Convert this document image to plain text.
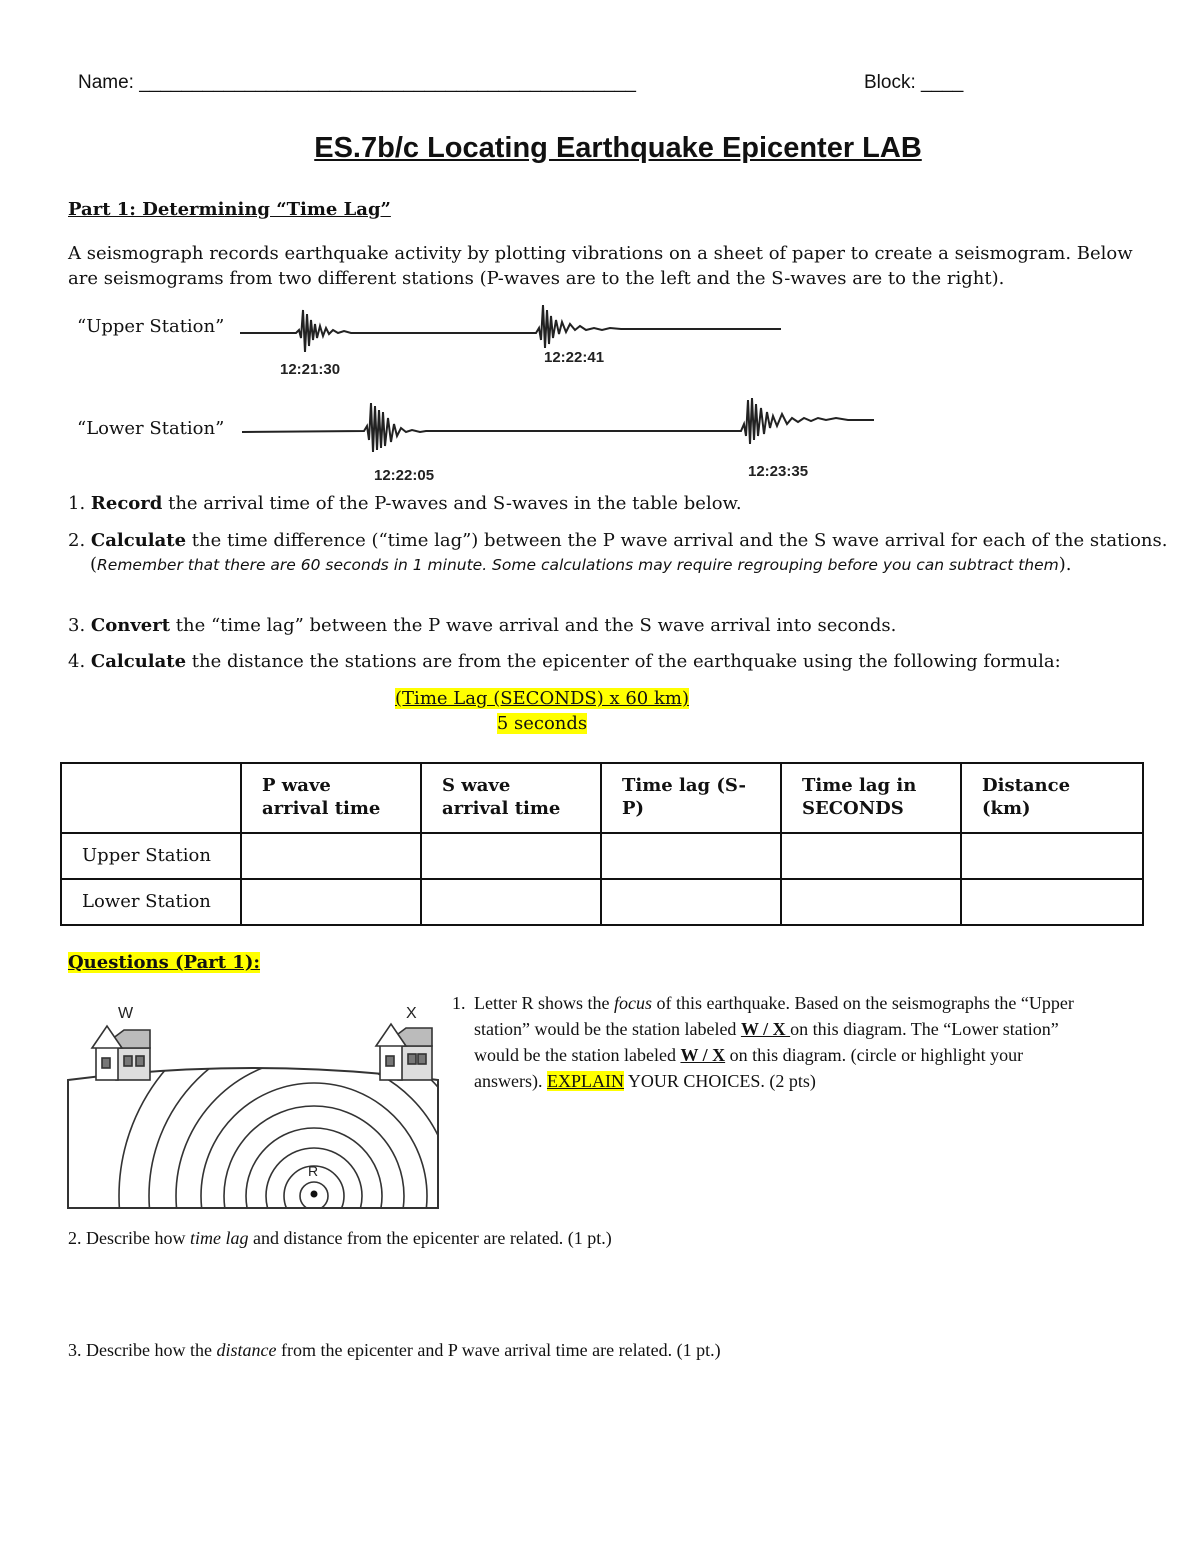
Name: _______________________________________________	Block: ____
ES.7b/c Locating Earthquake Epicenter LAB
Part 1: Determining “Time Lag”

A seismograph records earthquake activity by plotting vibrations on a sheet of paper to create a seismogram. Below are seismograms from two different stations (P-waves are to the left and the S-waves are to the right).

“Upper Station”
“Lower Station”
12:21:30
12:22:41
12:22:05	12:23:35

1. Record the arrival time of the P-waves and S-waves in the table below.

2. Calculate the time difference (“time lag”) between the P wave arrival and the S wave arrival for each of the stations.
(Remember that there are 60 seconds in 1 minute. Some calculations may require regrouping before you can subtract them).

3. Convert the “time lag” between the P wave arrival and the S wave arrival into seconds.

4. Calculate the distance the stations are from the epicenter of the earthquake using the following formula:

(Time Lag (SECONDS) x 60 km)
5 seconds
	P wave arrival time	S wave arrival time	Time lag (S-P)	Time lag in SECONDS	Distance (km)
Upper Station					
Lower Station					
Questions (Part 1):
W	X
R
1. Letter R shows the focus of this earthquake. Based on the seismographs the “Upper station” would be the station labeled W / X on this diagram. The “Lower station” would be the station labeled W / X on this diagram. (circle or highlight your answers). EXPLAIN YOUR CHOICES. (2 pts)

2. Describe how time lag and distance from the epicenter are related. (1 pt.)

3. Describe how the distance from the epicenter and P wave arrival time are related. (1 pt.)
